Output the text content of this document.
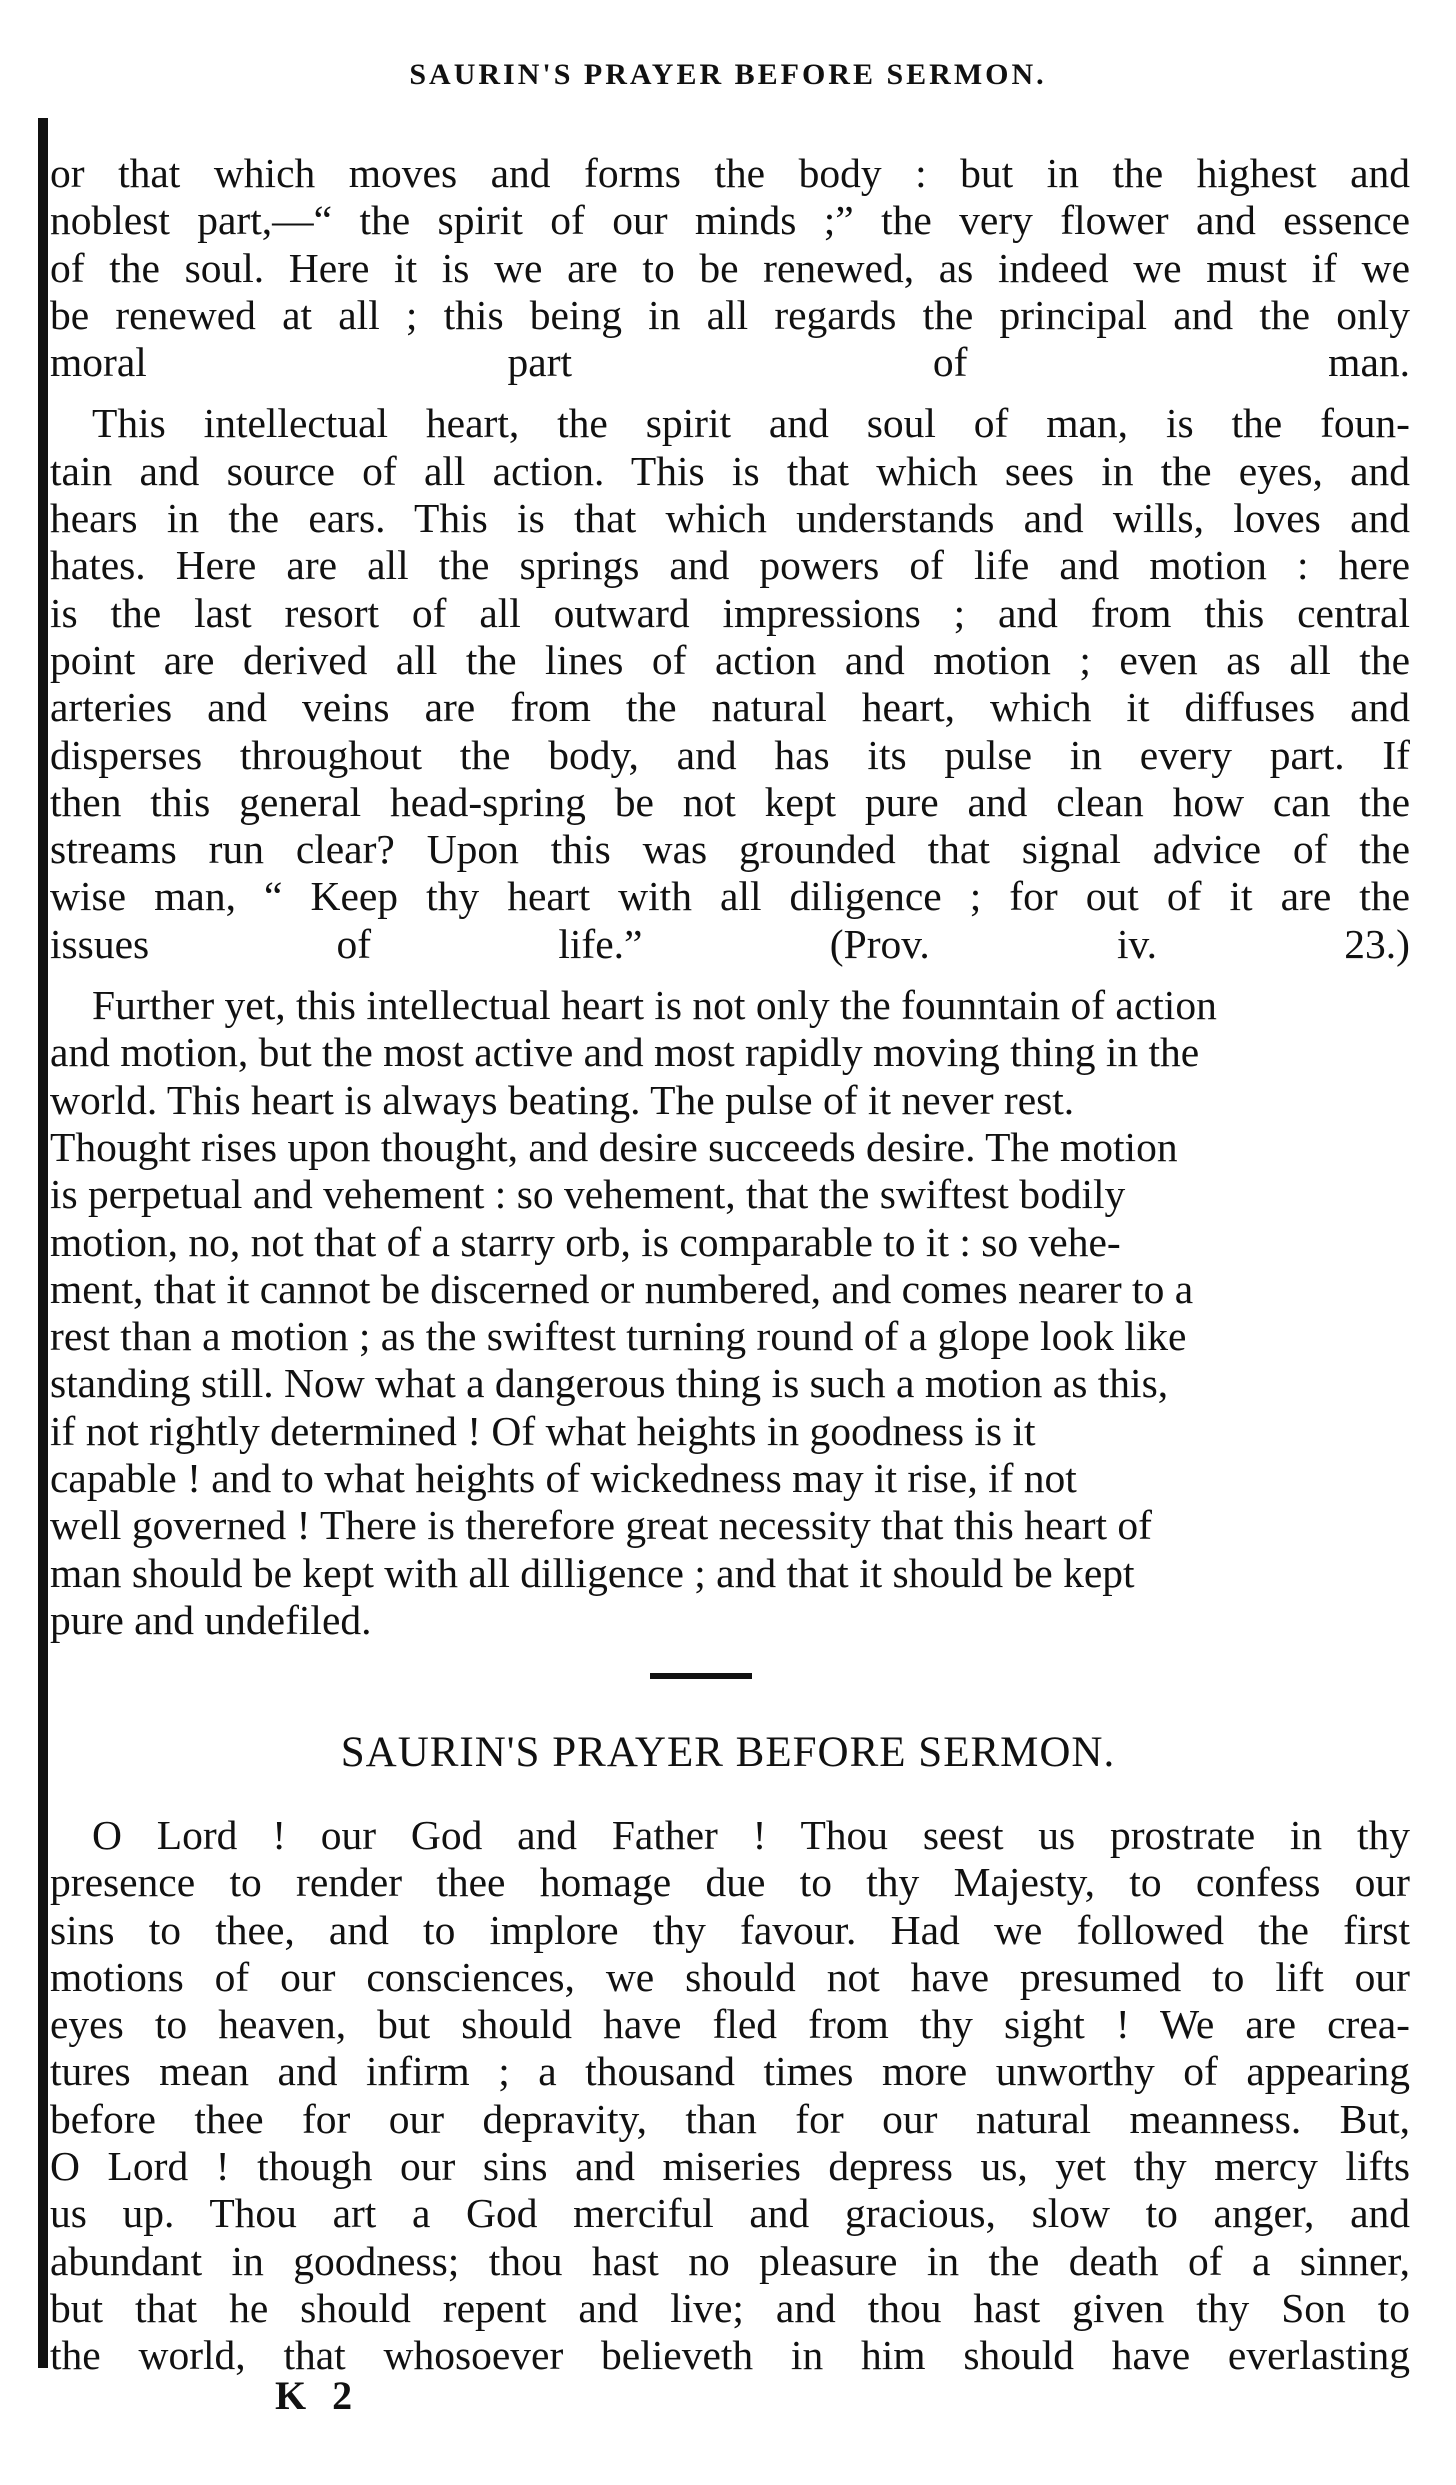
SAURIN'S PRAYER BEFORE SERMON.

or that which moves and forms the body : but in the highest and
noblest part,—“ the spirit of our minds ;” the very flower and essence
of the soul. Here it is we are to be renewed, as indeed we must if we
be renewed at all ; this being in all regards the principal and the only
moral part of man.

This intellectual heart, the spirit and soul of man, is the foun-
tain and source of all action. This is that which sees in the eyes, and
hears in the ears. This is that which understands and wills, loves and
hates. Here are all the springs and powers of life and motion : here
is the last resort of all outward impressions ; and from this central
point are derived all the lines of action and motion ; even as all the
arteries and veins are from the natural heart, which it diffuses and
disperses throughout the body, and has its pulse in every part. If
then this general head-spring be not kept pure and clean how can the
streams run clear? Upon this was grounded that signal advice of the
wise man, “ Keep thy heart with all diligence ; for out of it are the
issues of life.” (Prov. iv. 23.)

Further yet, this intellectual heart is not only the founntain of action
and motion, but the most active and most rapidly moving thing in the
world. This heart is always beating. The pulse of it never rest.
Thought rises upon thought, and desire succeeds desire. The motion
is perpetual and vehement : so vehement, that the swiftest bodily
motion, no, not that of a starry orb, is comparable to it : so vehe-
ment, that it cannot be discerned or numbered, and comes nearer to a
rest than a motion ; as the swiftest turning round of a glope look like
standing still. Now what a dangerous thing is such a motion as this,
if not rightly determined ! Of what heights in goodness is it
capable ! and to what heights of wickedness may it rise, if not
well governed ! There is therefore great necessity that this heart of
man should be kept with all dilligence ; and that it should be kept
pure and undefiled.

SAURIN'S PRAYER BEFORE SERMON.

O Lord ! our God and Father ! Thou seest us prostrate in thy
presence to render thee homage due to thy Majesty, to confess our
sins to thee, and to implore thy favour. Had we followed the first
motions of our consciences, we should not have presumed to lift our
eyes to heaven, but should have fled from thy sight ! We are crea-
tures mean and infirm ; a thousand times more unworthy of appearing
before thee for our depravity, than for our natural meanness. But,
O Lord ! though our sins and miseries depress us, yet thy mercy lifts
us up. Thou art a God merciful and gracious, slow to anger, and
abundant in goodness; thou hast no pleasure in the death of a sinner,
but that he should repent and live; and thou hast given thy Son to
the world, that whosoever believeth in him should have everlasting

K 2
